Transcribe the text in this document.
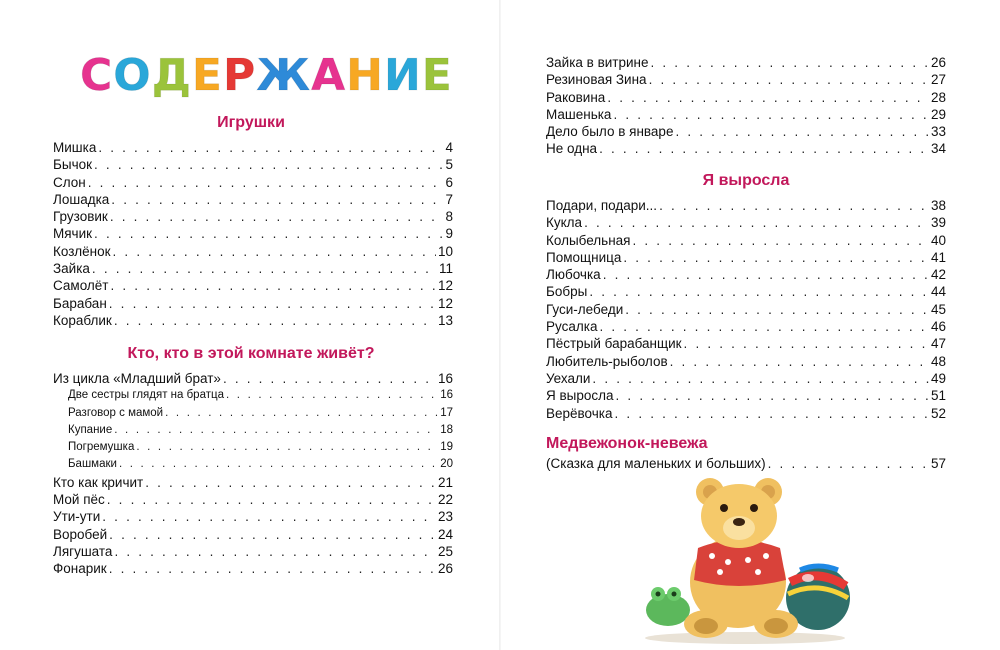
СОДЕРЖАНИЕ
Игрушки
Мишка . . .	4
Бычок . . .	5
Слон . . .	6
Лошадка . . .	7
Грузовик . . .	8
Мячик . . .	9
Козлёнок . . .	10
Зайка . . .	11
Самолёт . . .	12
Барабан . . .	12
Кораблик . . .	13
Кто, кто в этой комнате живёт?
Из цикла «Младший брат» . . .	16
Две сестры глядят на братца . . .	16
Разговор с мамой . . .	17
Купание . . .	18
Погремушка . . .	19
Башмаки . . .	20
Кто как кричит . . .	21
Мой пёс . . .	22
Ути-ути . . .	23
Воробей . . .	24
Лягушата . . .	25
Фонарик . . .	26
Зайка в витрине . . .	26
Резиновая Зина . . .	27
Раковина . . .	28
Машенька . . .	29
Дело было в январе . . .	33
Не одна . . .	34
Я выросла
Подари, подари... . . .	38
Кукла . . .	39
Колыбельная . . .	40
Помощница . . .	41
Любочка . . .	42
Бобры . . .	44
Гуси-лебеди . . .	45
Русалка . . .	46
Пёстрый барабанщик . . .	47
Любитель-рыболов . . .	48
Уехали . . .	49
Я выросла . . .	51
Верёвочка . . .	52
Медвежонок-невежа
(Сказка для маленьких и больших) . . .	57
